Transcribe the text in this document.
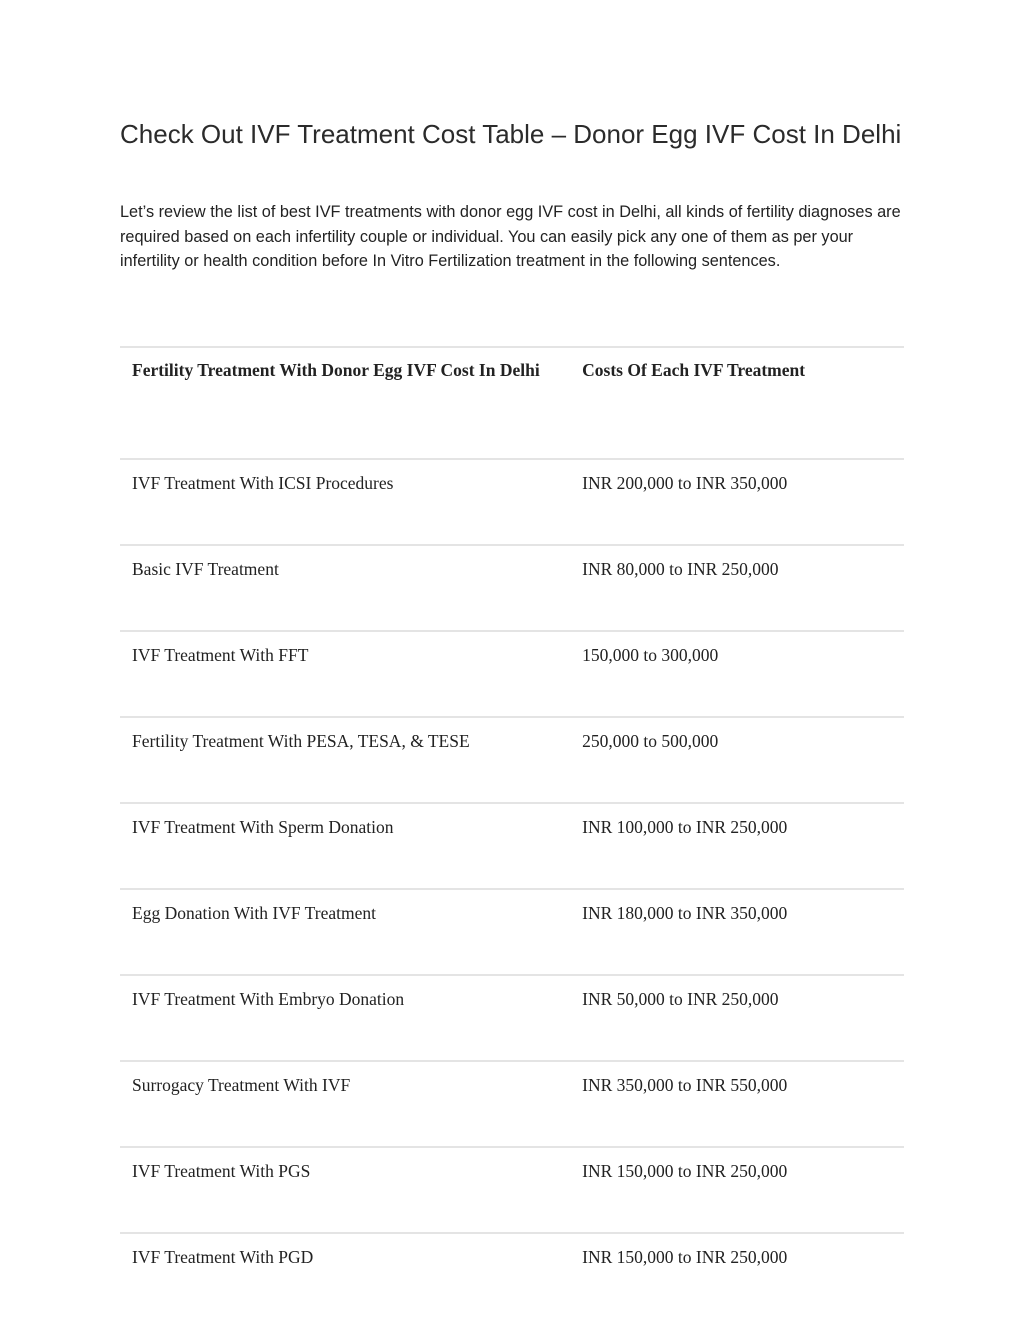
Check Out IVF Treatment Cost Table – Donor Egg IVF Cost In Delhi

Let’s review the list of best IVF treatments with donor egg IVF cost in Delhi, all kinds of fertility diagnoses are required based on each infertility couple or individual. You can easily pick any one of them as per your infertility or health condition before In Vitro Fertilization treatment in the following sentences.

Fertility Treatment With Donor Egg IVF Cost In Delhi	Costs Of Each IVF Treatment
IVF Treatment With ICSI Procedures	INR 200,000 to INR 350,000
Basic IVF Treatment	INR 80,000 to INR 250,000
IVF Treatment With FFT	150,000 to 300,000
Fertility Treatment With PESA, TESA, & TESE	250,000 to 500,000
IVF Treatment With Sperm Donation	INR 100,000 to INR 250,000
Egg Donation With IVF Treatment	INR 180,000 to INR 350,000
IVF Treatment With Embryo Donation	INR 50,000 to INR 250,000
Surrogacy Treatment With IVF	INR 350,000 to INR 550,000
IVF Treatment With PGS	INR 150,000 to INR 250,000
IVF Treatment With PGD	INR 150,000 to INR 250,000
